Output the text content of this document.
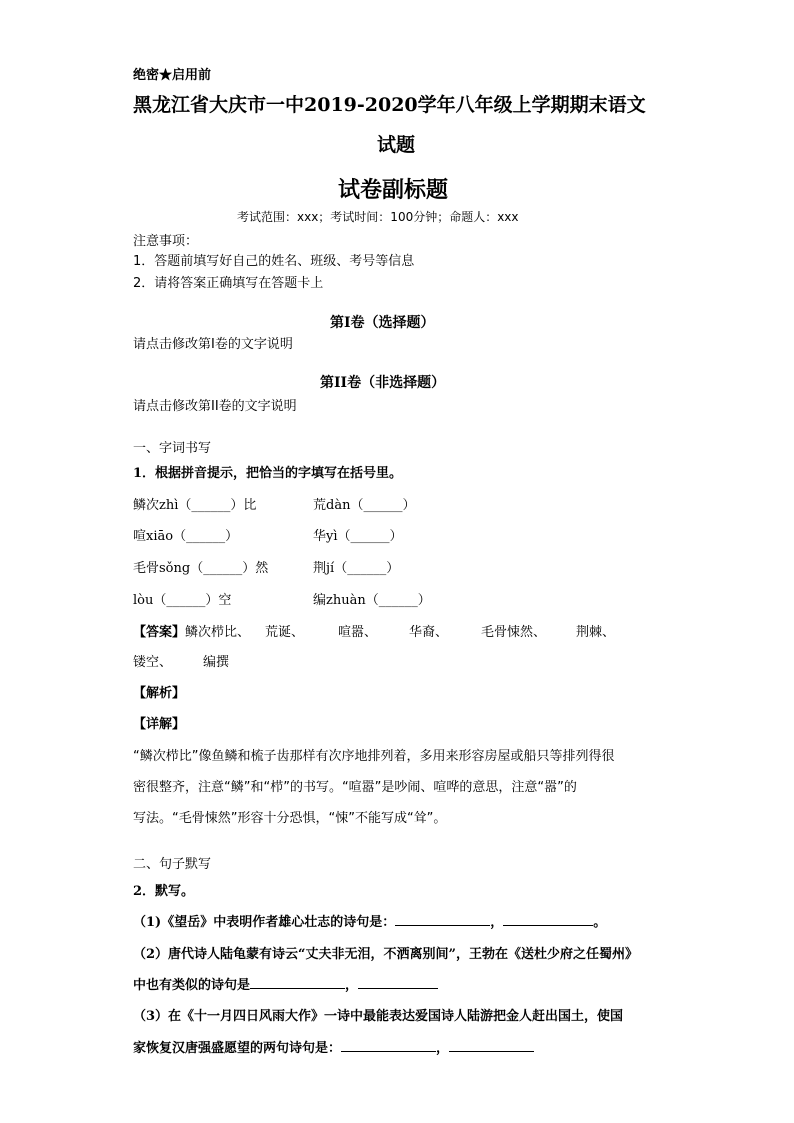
绝密★启用前
黑龙江省大庆市一中2019-2020学年八年级上学期期末语文
试题
试卷副标题
考试范围：xxx；考试时间：100分钟；命题人：xxx
注意事项：
1．答题前填写好自己的姓名、班级、考号等信息
2．请将答案正确填写在答题卡上
第I卷（选择题）
请点击修改第I卷的文字说明
第II卷（非选择题）
请点击修改第II卷的文字说明
一、字词书写
1．根据拼音提示，把恰当的字填写在括号里。
鳞次zhì（______）比	荒dàn（______）
喧xiāo（______）	华yì（______）
毛骨sǒng（______）然	荆jí（______）
lòu（______）空	编zhuàn（______）
【答案】鳞次栉比、 荒诞、	喧嚣、 华裔、	毛骨悚然、 荆棘、
镂空、 编撰
【解析】
【详解】
“鳞次栉比”像鱼鳞和梳子齿那样有次序地排列着，多用来形容房屋或船只等排列得很
密很整齐，注意“鳞”和“栉”的书写。“喧嚣”是吵闹、喧哗的意思，注意“嚣”的
写法。“毛骨悚然”形容十分恐惧，“悚”不能写成“耸”。
二、句子默写
2．默写。
（1)《望岳》中表明作者雄心壮志的诗句是：	，	。
（2）唐代诗人陆龟蒙有诗云“丈夫非无泪，不洒离别间”，王勃在《送杜少府之任蜀州》
中也有类似的诗句是	，
（3）在《十一月四日风雨大作》一诗中最能表达爱国诗人陆游把金人赶出国土，使国
家恢复汉唐强盛愿望的两句诗句是：	，
